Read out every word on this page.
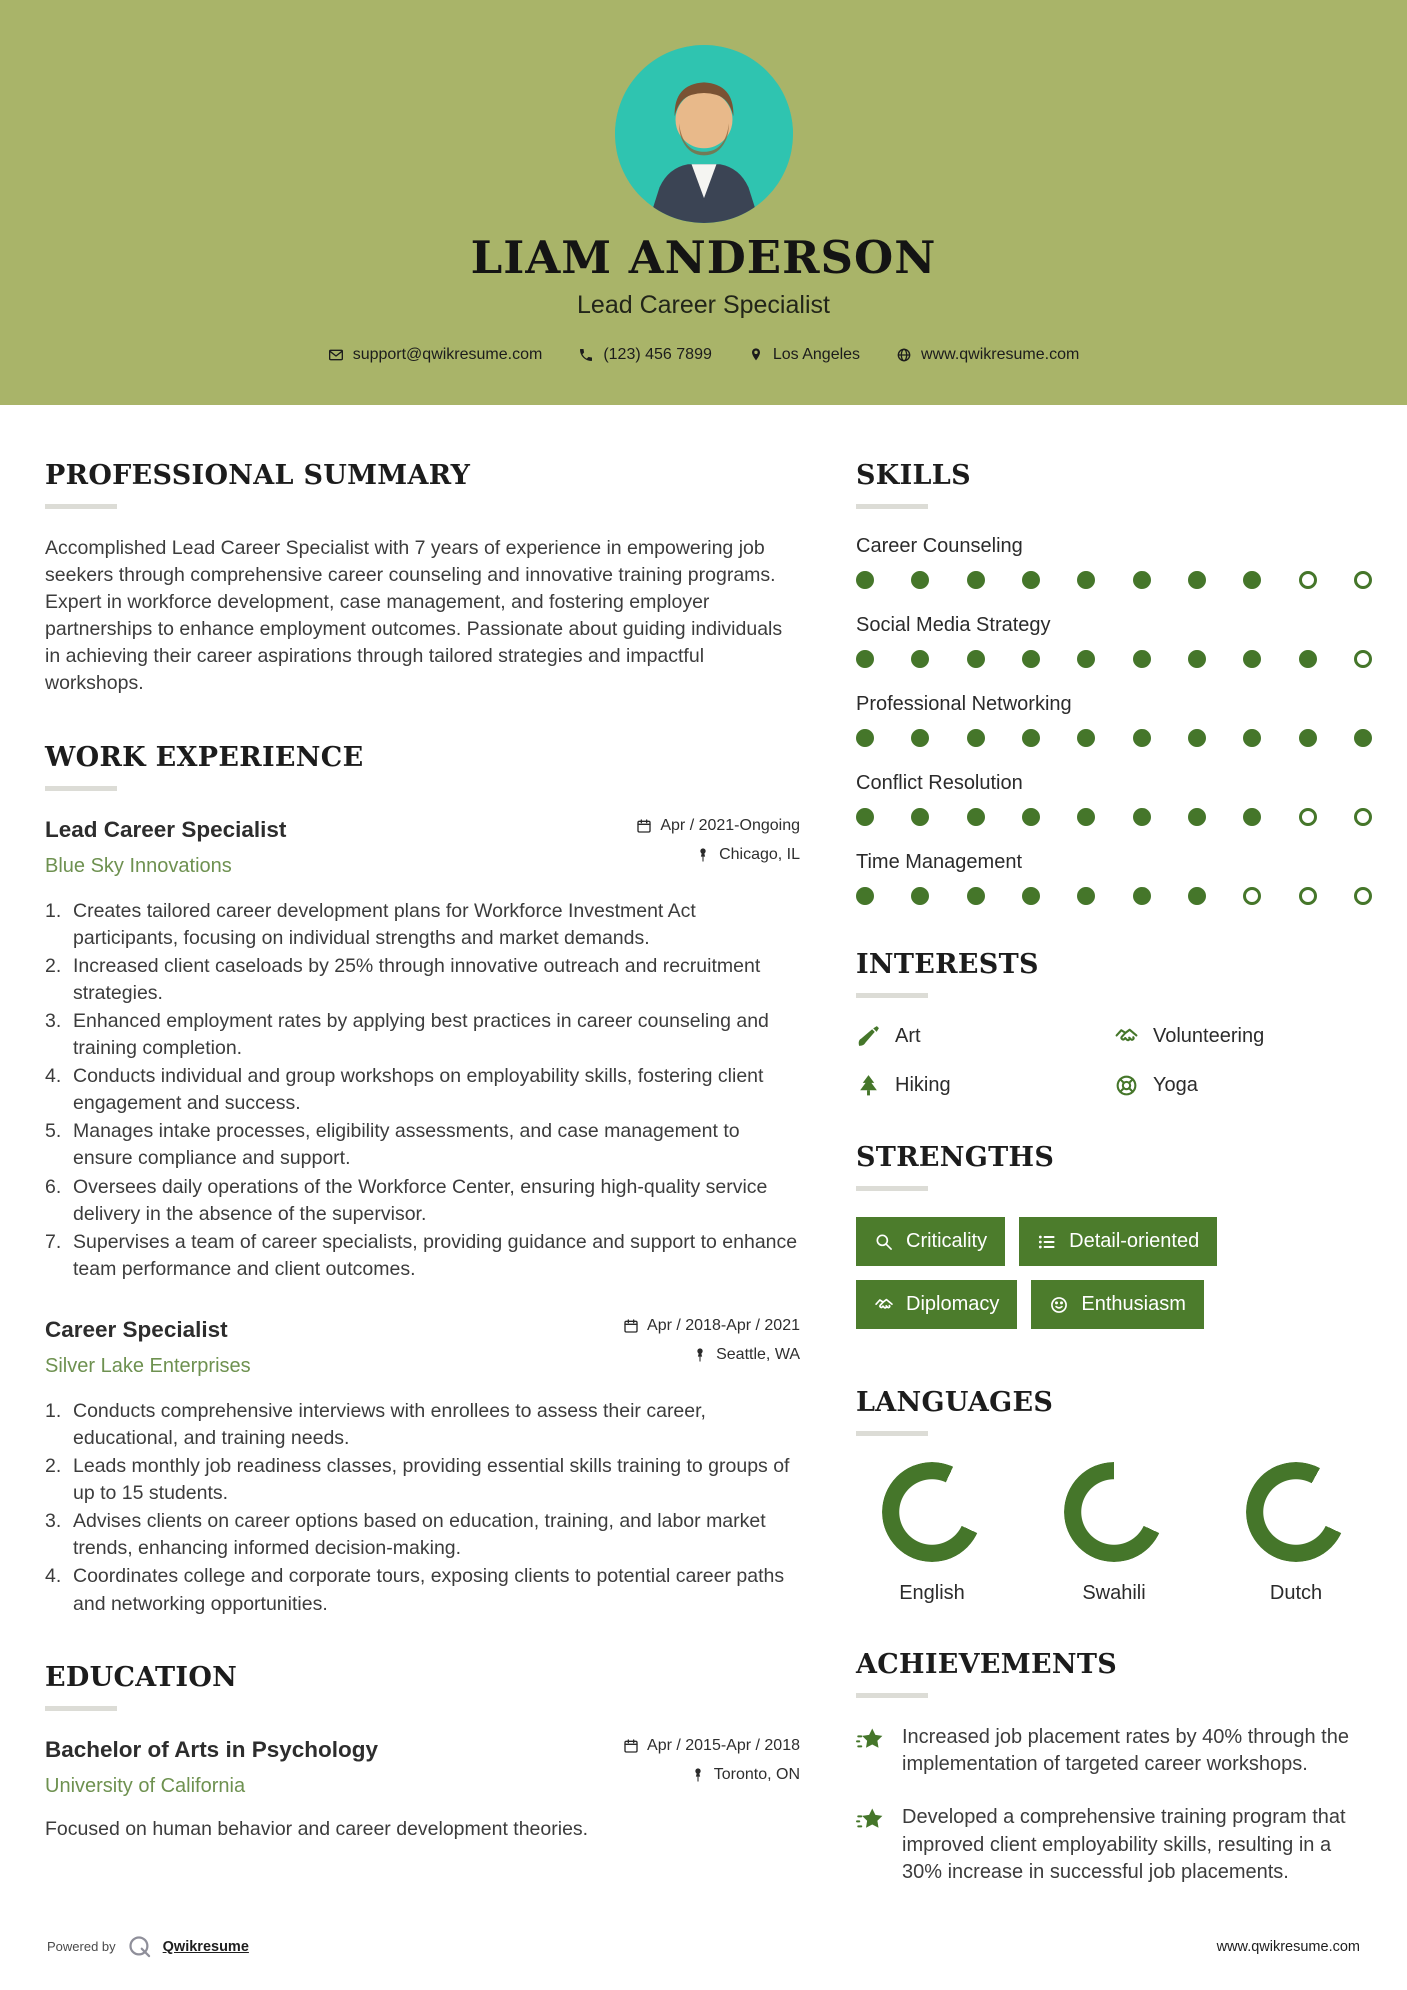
LIAM ANDERSON
Lead Career Specialist
support@qwikresume.com	(123) 456 7899	Los Angeles	www.qwikresume.com
PROFESSIONAL SUMMARY

Accomplished Lead Career Specialist with 7 years of experience in empowering job seekers through comprehensive career counseling and innovative training programs. Expert in workforce development, case management, and fostering employer partnerships to enhance employment outcomes. Passionate about guiding individuals in achieving their career aspirations through tailored strategies and impactful workshops.

WORK EXPERIENCE
Lead Career Specialist
Blue Sky Innovations
Apr / 2021-Ongoing
Chicago, IL
Creates tailored career development plans for Workforce Investment Act participants, focusing on individual strengths and market demands.
Increased client caseloads by 25% through innovative outreach and recruitment strategies.
Enhanced employment rates by applying best practices in career counseling and training completion.
Conducts individual and group workshops on employability skills, fostering client engagement and success.
Manages intake processes, eligibility assessments, and case management to ensure compliance and support.
Oversees daily operations of the Workforce Center, ensuring high-quality service delivery in the absence of the supervisor.
Supervises a team of career specialists, providing guidance and support to enhance team performance and client outcomes.
Career Specialist
Silver Lake Enterprises
Apr / 2018-Apr / 2021
Seattle, WA
Conducts comprehensive interviews with enrollees to assess their career, educational, and training needs.
Leads monthly job readiness classes, providing essential skills training to groups of up to 15 students.
Advises clients on career options based on education, training, and labor market trends, enhancing informed decision-making.
Coordinates college and corporate tours, exposing clients to potential career paths and networking opportunities.
EDUCATION
Bachelor of Arts in Psychology
University of California
Apr / 2015-Apr / 2018
Toronto, ON
Focused on human behavior and career development theories.
SKILLS
Career Counseling
Social Media Strategy
Professional Networking
Conflict Resolution
Time Management
INTERESTS
Art	Volunteering
Hiking	Yoga
STRENGTHS
Criticality	Detail-oriented
Diplomacy	Enthusiasm
LANGUAGES
English	Swahili	Dutch
ACHIEVEMENTS
Increased job placement rates by 40% through the implementation of targeted career workshops.
Developed a comprehensive training program that improved client employability skills, resulting in a 30% increase in successful job placements.
Powered by	Qwikresume	www.qwikresume.com
